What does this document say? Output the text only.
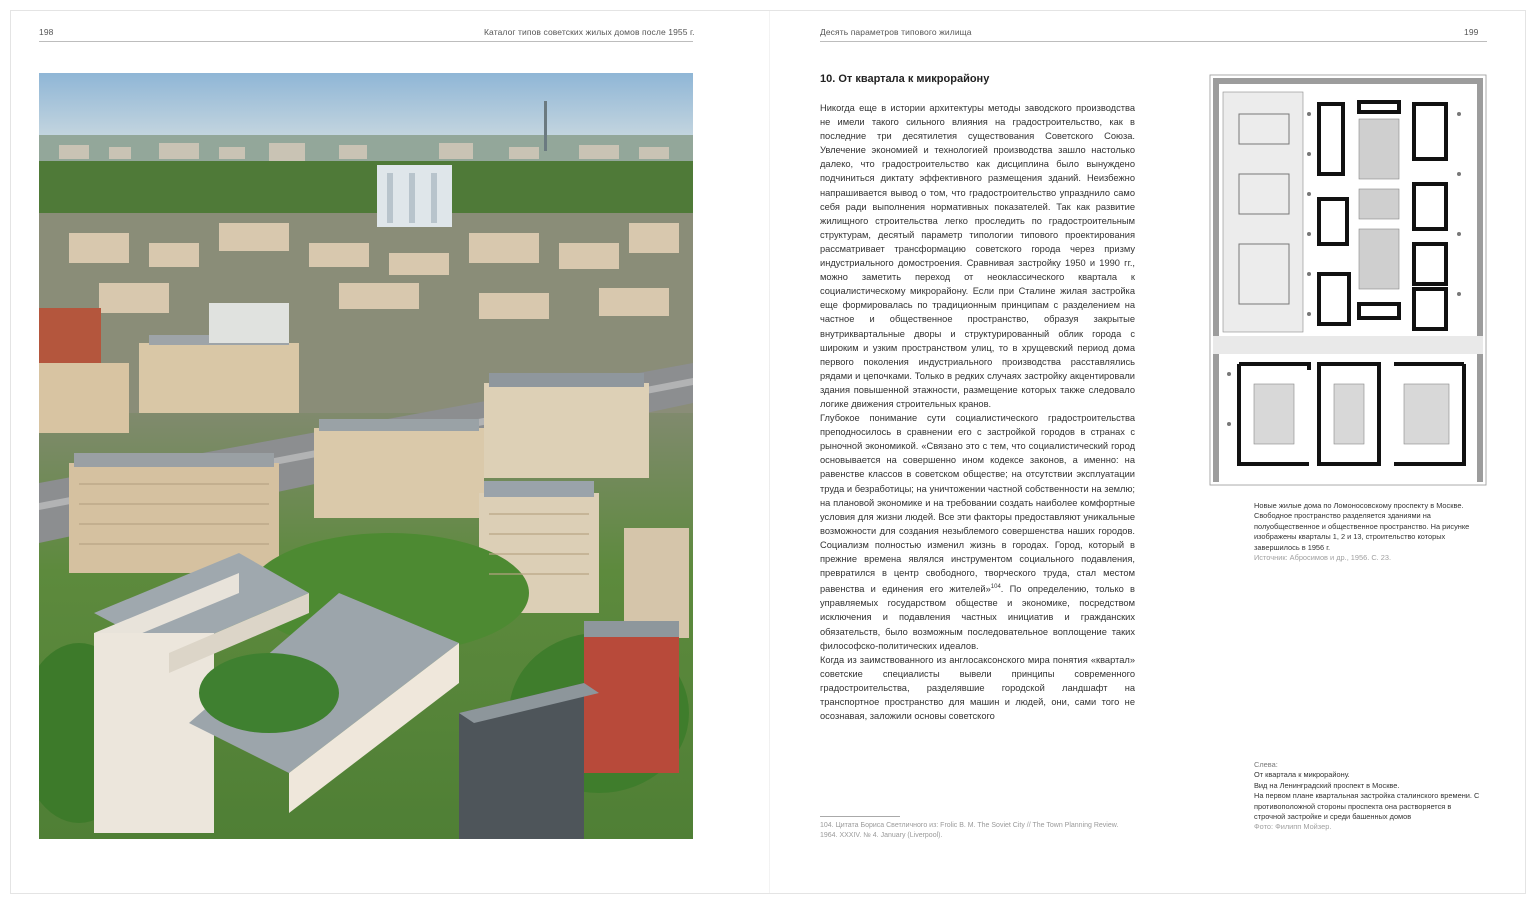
198	Каталог типов советских жилых домов после 1955 г.	Десять параметров типового жилища	199
10. От квартала к микрорайону

Никогда еще в истории архитектуры методы заводского производства не имели такого сильного влияния на градостроительство, как в последние три десятилетия существования Советского Союза. Увлечение экономией и технологией производства зашло настолько далеко, что градостроительство как дисциплина было вынуждено подчиниться диктату эффективного размещения зданий. Неизбежно напрашивается вывод о том, что градостроительство упразднило само себя ради выполнения нормативных показателей. Так как развитие жилищного строительства легко проследить по градостроительным структурам, десятый параметр типологии типового проектирования рассматривает трансформацию советского города через призму индустриального домостроения. Сравнивая застройку 1950 и 1990 гг., можно заметить переход от неоклассического квартала к социалистическому микрорайону. Если при Сталине жилая застройка еще формировалась по традиционным принципам с разделением на частное и общественное пространство, образуя закрытые внутриквартальные дворы и структурированный облик города с широким и узким пространством улиц, то в хрущевский период дома первого поколения индустриального производства расставлялись рядами и цепочками. Только в редких случаях застройку акцентировали здания повышенной этажности, размещение которых также следовало логике движения строительных кранов.

Глубокое понимание сути социалистического градостроительства преподносилось в сравнении его с застройкой городов в странах с рыночной экономикой. «Связано это с тем, что социалистический город основывается на совершенно ином кодексе законов, а именно: на равенстве классов в советском обществе; на отсутствии эксплуатации труда и безработицы; на уничтожении частной собственности на землю; на плановой экономике и на требовании создать наиболее комфортные условия для жизни людей. Все эти факторы предоставляют уникальные возможности для создания незыблемого совершенства наших городов. Социализм полностью изменил жизнь в городах. Город, который в прежние времена являлся инструментом социального подавления, превратился в центр свободного, творческого труда, стал местом равенства и единения его жителей»$^{104}$. По определению, только в управляемых государством обществе и экономике, посредством исключения и подавления частных инициатив и гражданских обязательств, было возможным последовательное воплощение таких философско-политических идеалов.

Когда из заимствованного из англосаксонского мира понятия «квартал» советские специалисты вывели принципы современного градостроительства, разделявшие городской ландшафт на транспортное пространство для машин и людей, они, сами того не осознавая, заложили основы советского

104. Цитата Бориса Светличного из: Frolic B. M. The Soviet City // The Town Planning Review. 1964. XXXIV. № 4. January (Liverpool).
Новые жилые дома по Ломоносовскому проспекту в Москве. Свободное пространство разделяется зданиями на полуобщественное и общественное пространство. На рисунке изображены кварталы 1, 2 и 13, строительство которых завершилось в 1956 г.
Источник: Абросимов и др., 1956. С. 23.
Слева:
От квартала к микрорайону.
Вид на Ленинградский проспект в Москве.
На первом плане квартальная застройка сталинского времени. С противоположной стороны проспекта она растворяется в строчной застройке и среди башенных домов
Фото: Филипп Мойзер.
